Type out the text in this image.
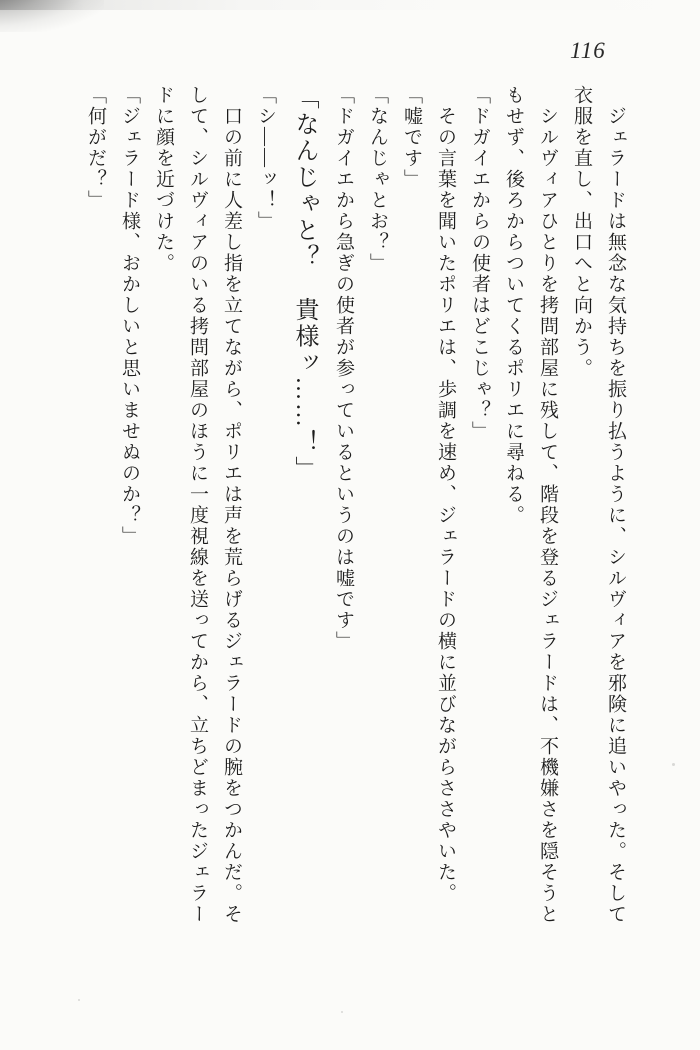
116

　ジェラードは無念な気持ちを振り払うように、シルヴィアを邪険に追いやった。そして

衣服を直し、出口へと向かう。

　シルヴィアひとりを拷問部屋に残して、階段を登るジェラードは、不機嫌さを隠そうと

もせず、後ろからついてくるポリエに尋ねる。

「ドガイエからの使者はどこじゃ？」

　その言葉を聞いたポリエは、歩調を速め、ジェラードの横に並びながらささやいた。

「嘘です」

「なんじゃとお？」

「ドガイエから急ぎの使者が参っているというのは嘘です」

「なんじゃと？　貴様ッ……！」

「シ――ッ！」

　口の前に人差し指を立てながら、ポリエは声を荒らげるジェラードの腕をつかんだ。そ

して、シルヴィアのいる拷問部屋のほうに一度視線を送ってから、立ちどまったジェラー

ドに顔を近づけた。

「ジェラード様、おかしいと思いませぬのか？」

「何がだ？」
